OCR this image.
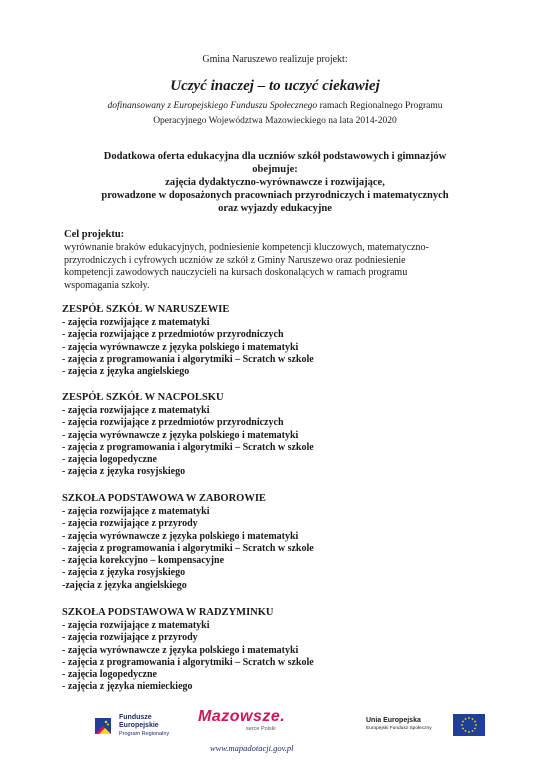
Gmina Naruszewo realizuje projekt:
Uczyć inaczej – to uczyć ciekawiej
dofinansowany z Europejskiego Funduszu Społecznego ramach Regionalnego Programu
Operacyjnego Województwa Mazowieckiego na lata 2014-2020
Dodatkowa oferta edukacyjna dla uczniów szkół podstawowych i gimnazjów
obejmuje:
zajęcia dydaktyczno-wyrównawcze i rozwijające,
prowadzone w doposażonych pracowniach przyrodniczych i matematycznych
oraz wyjazdy edukacyjne
Cel projektu:
wyrównanie braków edukacyjnych, podniesienie kompetencji kluczowych, matematyczno-
przyrodniczych i cyfrowych uczniów ze szkół z Gminy Naruszewo oraz podniesienie
kompetencji zawodowych nauczycieli na kursach doskonalących w ramach programu
wspomagania szkoły.
ZESPÓŁ SZKÓŁ W NARUSZEWIE
- zajęcia rozwijające z matematyki
- zajęcia rozwijające z przedmiotów przyrodniczych
- zajęcia wyrównawcze z języka polskiego i matematyki
- zajęcia z programowania i algorytmiki – Scratch w szkole
- zajęcia z języka angielskiego
ZESPÓŁ SZKÓŁ W NACPOLSKU
- zajęcia rozwijające z matematyki
- zajęcia rozwijające z przedmiotów przyrodniczych
- zajęcia wyrównawcze z języka polskiego i matematyki
- zajęcia z programowania i algorytmiki – Scratch w szkole
- zajęcia logopedyczne
- zajęcia z języka rosyjskiego
SZKOŁA PODSTAWOWA W ZABOROWIE
- zajęcia rozwijające z matematyki
- zajęcia rozwijające z przyrody
- zajęcia wyrównawcze z języka polskiego i matematyki
- zajęcia z programowania i algorytmiki – Scratch w szkole
- zajęcia korekcyjno – kompensacyjne
- zajęcia z języka rosyjskiego
-zajęcia z języka angielskiego
SZKOŁA PODSTAWOWA W RADZYMINKU
- zajęcia rozwijające z matematyki
- zajęcia rozwijające z przyrody
- zajęcia wyrównawcze z języka polskiego i matematyki
- zajęcia z programowania i algorytmiki – Scratch w szkole
- zajęcia logopedyczne
- zajęcia z języka niemieckiego
Fundusze
Europejskie
Program Regionalny
Mazowsze.
serce Polski
www.mapadotacji.gov.pl
Unia Europejska
Europejski Fundusz Społeczny
